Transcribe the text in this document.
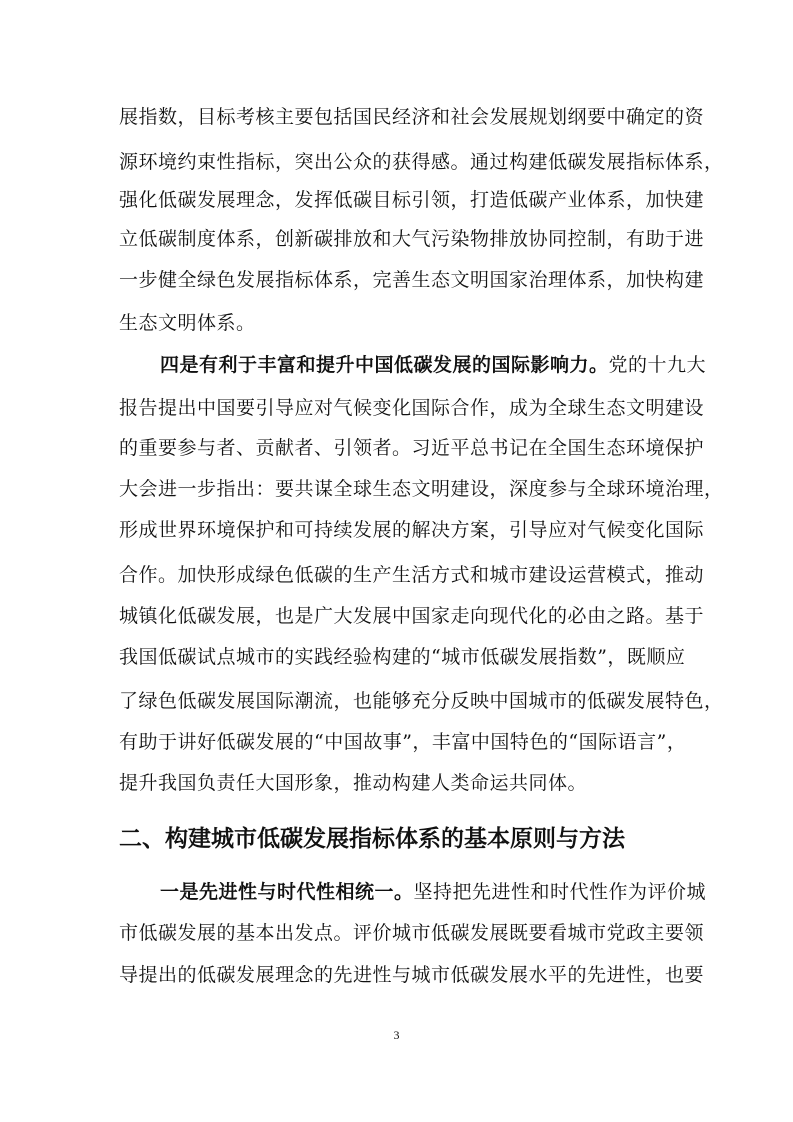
展指数，目标考核主要包括国民经济和社会发展规划纲要中确定的资
源环境约束性指标，突出公众的获得感。通过构建低碳发展指标体系，
强化低碳发展理念，发挥低碳目标引领，打造低碳产业体系，加快建
立低碳制度体系，创新碳排放和大气污染物排放协同控制，有助于进
一步健全绿色发展指标体系，完善生态文明国家治理体系，加快构建
生态文明体系。
四是有利于丰富和提升中国低碳发展的国际影响力。党的十九大
报告提出中国要引导应对气候变化国际合作，成为全球生态文明建设
的重要参与者、贡献者、引领者。习近平总书记在全国生态环境保护
大会进一步指出：要共谋全球生态文明建设，深度参与全球环境治理，
形成世界环境保护和可持续发展的解决方案，引导应对气候变化国际
合作。加快形成绿色低碳的生产生活方式和城市建设运营模式，推动
城镇化低碳发展，也是广大发展中国家走向现代化的必由之路。基于
我国低碳试点城市的实践经验构建的“城市低碳发展指数”，既顺应
了绿色低碳发展国际潮流，也能够充分反映中国城市的低碳发展特色，
有助于讲好低碳发展的“中国故事”，丰富中国特色的“国际语言”，
提升我国负责任大国形象，推动构建人类命运共同体。
二、构建城市低碳发展指标体系的基本原则与方法
一是先进性与时代性相统一。坚持把先进性和时代性作为评价城
市低碳发展的基本出发点。评价城市低碳发展既要看城市党政主要领
导提出的低碳发展理念的先进性与城市低碳发展水平的先进性，也要
3
